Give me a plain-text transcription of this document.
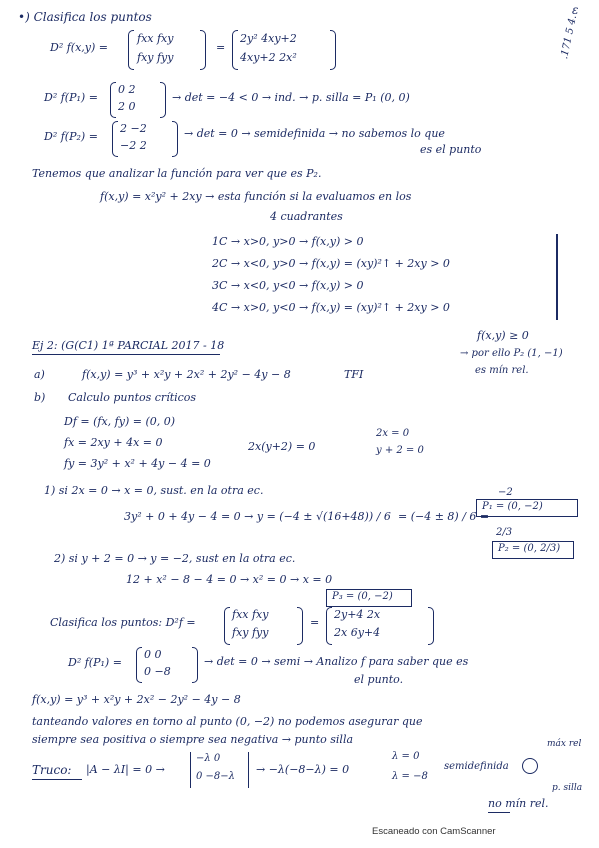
ε
.171 5 4.
•) Clasifica los puntos
D² f(x,y) =
fxx fxy
fxy fyy
=
2y² 4xy+2
4xy+2 2x²
D² f(P₁) =
0 2
2 0
→ det = −4 < 0 → ind. → p. silla = P₁ (0, 0)
D² f(P₂) =
2 −2
−2 2
→ det = 0 → semidefinida → no sabemos lo que
es el punto
Tenemos que analizar la función para ver que es P₂.
f(x,y) = x²y² + 2xy → esta función si la evaluamos en los
4 cuadrantes
1C → x>0, y>0 → f(x,y) > 0
2C → x<0, y>0 → f(x,y) = (xy)²↑ + 2xy > 0
3C → x<0, y<0 → f(x,y) > 0
4C → x>0, y<0 → f(x,y) = (xy)²↑ + 2xy > 0
f(x,y) ≥ 0
→ por ello P₂ (1, −1)
es mín rel.
Ej 2: (G(C1) 1ª PARCIAL 2017 - 18
a)	f(x,y) = y³ + x²y + 2x² + 2y² − 4y − 8	TFI
b) Calculo puntos críticos
Df = (fx, fy) = (0, 0)
fx = 2xy + 4x = 0
fy = 3y² + x² + 4y − 4 = 0
2x(y+2) = 0
2x = 0
y + 2 = 0
1) si 2x = 0 → x = 0, sust. en la otra ec.
3y² + 0 + 4y − 4 = 0 → y = (−4 ± √(16+48)) / 6 = (−4 ± 8) / 6 =
−2
2/3
P₁ = (0, −2)
P₂ = (0, 2/3)
2) si y + 2 = 0 → y = −2, sust en la otra ec.
12 + x² − 8 − 4 = 0 → x² = 0 → x = 0
P₃ = (0, −2)
Clasifica los puntos: D²f =
fxx fxy
fxy fyy
=
2y+4 2x
2x 6y+4
D² f(P₁) =
0 0
0 −8
→ det = 0 → semi → Analizo f para saber que es
el punto.
f(x,y) = y³ + x²y + 2x² − 2y² − 4y − 8
tanteando valores en torno al punto (0, −2) no podemos asegurar que
siempre sea positiva o siempre sea negativa → punto silla
Truco: |A − λI| = 0 →
−λ 0
0 −8−λ
→ −λ(−8−λ) = 0
λ = 0
λ = −8
semidefinida
máx rel
p. silla
no mín rel.
Escaneado con CamScanner
